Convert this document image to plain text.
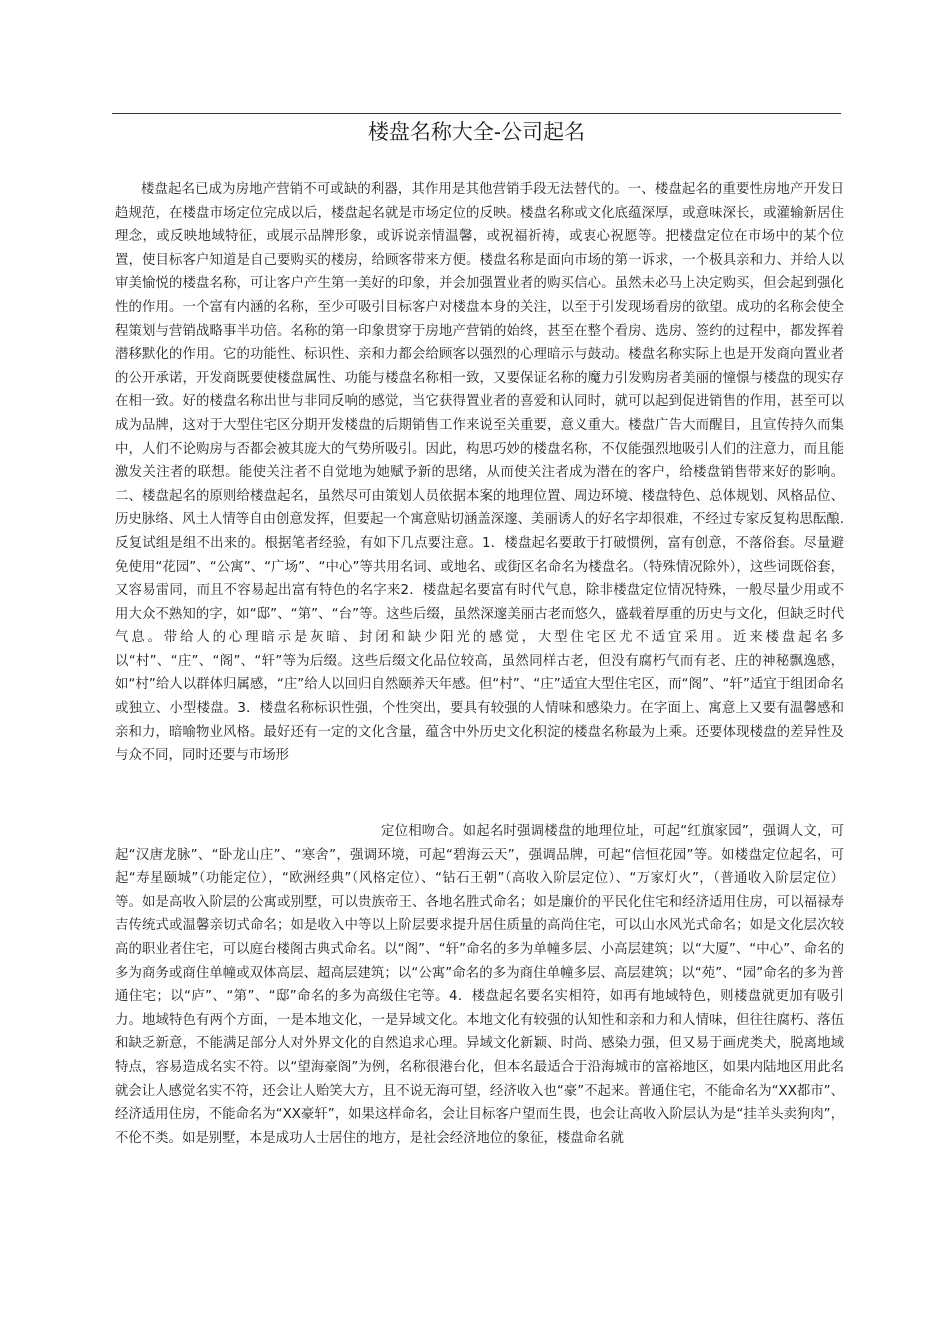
楼盘名称大全-公司起名

楼盘起名已成为房地产营销不可或缺的利器，其作用是其他营销手段无法替代的。一、楼盘起名的重要性房地产开发日趋规范，在楼盘市场定位完成以后，楼盘起名就是市场定位的反映。楼盘名称或文化底蕴深厚，或意味深长，或灌输新居住理念，或反映地域特征，或展示品牌形象，或诉说亲情温馨，或祝福祈祷，或衷心祝愿等。把楼盘定位在市场中的某个位置，使目标客户知道是自己要购买的楼房，给顾客带来方便。楼盘名称是面向市场的第一诉求，一个极具亲和力、并给人以审美愉悦的楼盘名称，可让客户产生第一美好的印象，并会加强置业者的购买信心。虽然未必马上决定购买，但会起到强化性的作用。一个富有内涵的名称，至少可吸引目标客户对楼盘本身的关注，以至于引发现场看房的欲望。成功的名称会使全程策划与营销战略事半功倍。名称的第一印象贯穿于房地产营销的始终，甚至在整个看房、选房、签约的过程中，都发挥着潜移默化的作用。它的功能性、标识性、亲和力都会给顾客以强烈的心理暗示与鼓动。楼盘名称实际上也是开发商向置业者的公开承诺，开发商既要使楼盘属性、功能与楼盘名称相一致，又要保证名称的魔力引发购房者美丽的憧憬与楼盘的现实存在相一致。好的楼盘名称出世与非同反响的感觉，当它获得置业者的喜爱和认同时，就可以起到促进销售的作用，甚至可以成为品牌，这对于大型住宅区分期开发楼盘的后期销售工作来说至关重要，意义重大。楼盘广告大而醒目，且宣传持久而集中，人们不论购房与否都会被其庞大的气势所吸引。因此，构思巧妙的楼盘名称，不仅能强烈地吸引人们的注意力，而且能激发关注者的联想。能使关注者不自觉地为她赋予新的思绪，从而使关注者成为潜在的客户，给楼盘销售带来好的影响。二、楼盘起名的原则给楼盘起名，虽然尽可由策划人员依据本案的地理位置、周边环境、楼盘特色、总体规划、风格品位、历史脉络、风土人情等自由创意发挥，但要起一个寓意贴切涵盖深邃、美丽诱人的好名字却很难，不经过专家反复构思酝酿.反复试组是组不出来的。根据笔者经验，有如下几点要注意。1．楼盘起名要敢于打破惯例，富有创意，不落俗套。尽量避免使用“花园”、“公寓”、“广场”、“中心”等共用名词、或地名、或街区名命名为楼盘名。（特殊情况除外），这些词既俗套，又容易雷同，而且不容易起出富有特色的名字来2．楼盘起名要富有时代气息，除非楼盘定位情况特殊，一般尽量少用或不用大众不熟知的字，如“邸”、“第”、“台”等。这些后缀，虽然深邃美丽古老而悠久，盛载着厚重的历史与文化，但缺乏时代气息。带给人的心理暗示是灰暗、封闭和缺少阳光的感觉，大型住宅区尤不适宜采用。近来楼盘起名多以“村”、“庄”、“阁”、“轩”等为后缀。这些后缀文化品位较高，虽然同样古老，但没有腐朽气而有老、庄的神秘飘逸感，如“村”给人以群体归属感，“庄”给人以回归自然颐养天年感。但“村”、“庄”适宜大型住宅区，而“阁”、“轩”适宜于组团命名或独立、小型楼盘。3．楼盘名称标识性强，个性突出，要具有较强的人情味和感染力。在字面上、寓意上又要有温馨感和亲和力，暗喻物业风格。最好还有一定的文化含量，蕴含中外历史文化积淀的楼盘名称最为上乘。还要体现楼盘的差异性及与众不同，同时还要与市场形

定位相吻合。如起名时强调楼盘的地理位址，可起“红旗家园”，强调人文，可起“汉唐龙脉”、“卧龙山庄”、“寒舍”，强调环境，可起“碧海云天”，强调品牌，可起“信恒花园”等。如楼盘定位起名，可起“寿星颐城”（功能定位），“欧洲经典”（风格定位）、“钻石王朝”（高收入阶层定位）、“万家灯火”，（普通收入阶层定位）等。如是高收入阶层的公寓或别墅，可以贵族帝王、各地名胜式命名；如是廉价的平民化住宅和经济适用住房，可以福禄寿吉传统式或温馨亲切式命名；如是收入中等以上阶层要求提升居住质量的高尚住宅，可以山水风光式命名；如是文化层次较高的职业者住宅，可以庭台楼阁古典式命名。以“阁”、“轩”命名的多为单幢多层、小高层建筑；以“大厦”、“中心”、命名的多为商务或商住单幢或双体高层、超高层建筑；以“公寓”命名的多为商住单幢多层、高层建筑；以“苑”、“园”命名的多为普通住宅；以“庐”、“第”、“邸”命名的多为高级住宅等。4．楼盘起名要名实相符，如再有地域特色，则楼盘就更加有吸引力。地域特色有两个方面，一是本地文化，一是异域文化。本地文化有较强的认知性和亲和力和人情味，但往往腐朽、落伍和缺乏新意，不能满足部分人对外界文化的自然追求心理。异域文化新颖、时尚、感染力强，但又易于画虎类犬，脱离地域特点，容易造成名实不符。以“望海豪阁”为例，名称很港台化，但本名最适合于沿海城市的富裕地区，如果内陆地区用此名就会让人感觉名实不符，还会让人贻笑大方，且不说无海可望，经济收入也“豪”不起来。普通住宅，不能命名为“XX都市”、经济适用住房，不能命名为“XX豪轩”，如果这样命名，会让目标客户望而生畏，也会让高收入阶层认为是“挂羊头卖狗肉”，不伦不类。如是别墅，本是成功人士居住的地方，是社会经济地位的象征，楼盘命名就
